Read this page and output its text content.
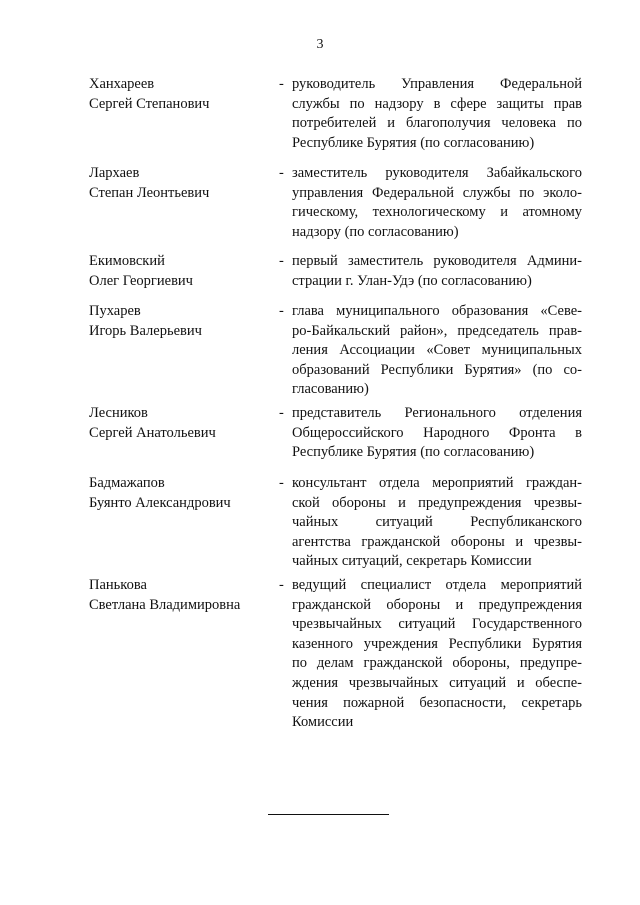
3
Ханхареев
Сергей Степанович
- руководитель Управления Федеральной
службы по надзору в сфере защиты прав
потребителей и благополучия человека по
Республике Бурятия (по согласованию)
Лархаев
Степан Леонтьевич
- заместитель руководителя Забайкальского
управления Федеральной службы по эколо-
гическому, технологическому и атомному
надзору (по согласованию)
Екимовский
Олег Георгиевич
- первый заместитель руководителя Админи-
страции г. Улан-Удэ (по согласованию)
Пухарев
Игорь Валерьевич
- глава муниципального образования «Севе-
ро-Байкальский район», председатель прав-
ления Ассоциации «Совет муниципальных
образований Республики Бурятия» (по со-
гласованию)
Лесников
Сергей Анатольевич
- представитель Регионального отделения
Общероссийского Народного Фронта в
Республике Бурятия (по согласованию)
Бадмажапов
Буянто Александрович
- консультант отдела мероприятий граждан-
ской обороны и предупреждения чрезвы-
чайных ситуаций Республиканского
агентства гражданской обороны и чрезвы-
чайных ситуаций, секретарь Комиссии
Панькова
Светлана Владимировна
- ведущий специалист отдела мероприятий
гражданской обороны и предупреждения
чрезвычайных ситуаций Государственного
казенного учреждения Республики Бурятия
по делам гражданской обороны, предупре-
ждения чрезвычайных ситуаций и обеспе-
чения пожарной безопасности, секретарь
Комиссии
